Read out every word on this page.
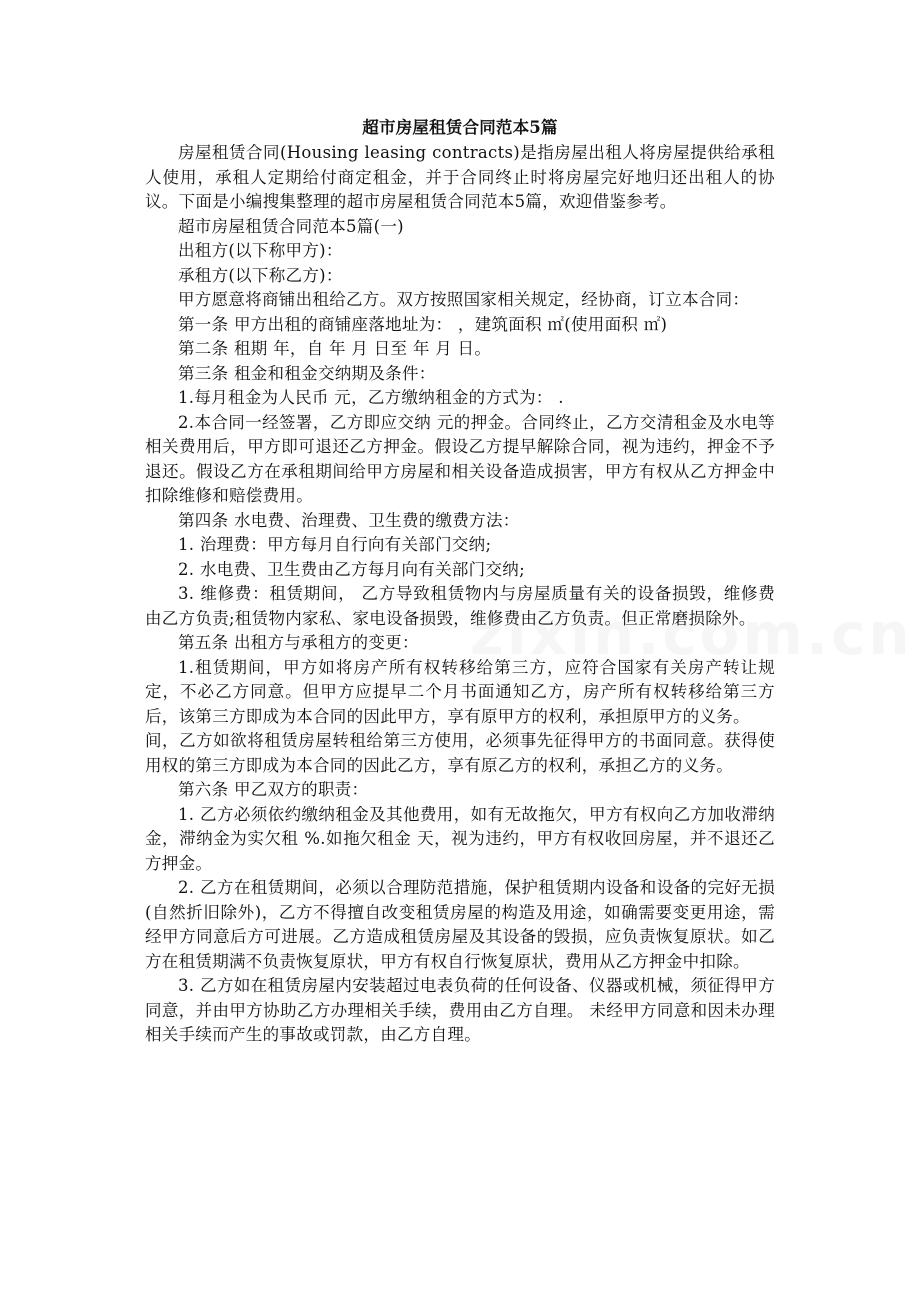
超市房屋租赁合同范本5篇

房屋租赁合同(Housing leasing contracts)是指房屋出租人将房屋提供给承租人使用，承租人定期给付商定租金，并于合同终止时将房屋完好地归还出租人的协议。下面是小编搜集整理的超市房屋租赁合同范本5篇，欢迎借鉴参考。

超市房屋租赁合同范本5篇(一)

出租方(以下称甲方)：

承租方(以下称乙方)：

甲方愿意将商铺出租给乙方。双方按照国家相关规定，经协商，订立本合同：

第一条 甲方出租的商铺座落地址为： ，建筑面积 ㎡(使用面积 ㎡)

第二条 租期 年，自 年 月 日至 年 月 日。

第三条 租金和租金交纳期及条件：

1.每月租金为人民币 元，乙方缴纳租金的方式为： .

2.本合同一经签署，乙方即应交纳 元的押金。合同终止，乙方交清租金及水电等相关费用后，甲方即可退还乙方押金。假设乙方提早解除合同，视为违约，押金不予退还。假设乙方在承租期间给甲方房屋和相关设备造成损害，甲方有权从乙方押金中扣除维修和赔偿费用。

第四条 水电费、治理费、卫生费的缴费方法：

1. 治理费：甲方每月自行向有关部门交纳;

2. 水电费、卫生费由乙方每月向有关部门交纳;

3. 维修费：租赁期间， 乙方导致租赁物内与房屋质量有关的设备损毁，维修费由乙方负责;租赁物内家私、家电设备损毁，维修费由乙方负责。但正常磨损除外。

第五条 出租方与承租方的变更：

1.租赁期间，甲方如将房产所有权转移给第三方，应符合国家有关房产转让规定，不必乙方同意。但甲方应提早二个月书面通知乙方，房产所有权转移给第三方后，该第三方即成为本合同的因此甲方，享有原甲方的权利，承担原甲方的义务。

间，乙方如欲将租赁房屋转租给第三方使用，必须事先征得甲方的书面同意。获得使用权的第三方即成为本合同的因此乙方，享有原乙方的权利，承担乙方的义务。

第六条 甲乙双方的职责：

1. 乙方必须依约缴纳租金及其他费用，如有无故拖欠，甲方有权向乙方加收滞纳金，滞纳金为实欠租 %.如拖欠租金 天，视为违约，甲方有权收回房屋，并不退还乙方押金。

2. 乙方在租赁期间，必须以合理防范措施，保护租赁期内设备和设备的完好无损(自然折旧除外)，乙方不得擅自改变租赁房屋的构造及用途，如确需要变更用途，需经甲方同意后方可进展。乙方造成租赁房屋及其设备的毁损，应负责恢复原状。如乙方在租赁期满不负责恢复原状，甲方有权自行恢复原状，费用从乙方押金中扣除。

3. 乙方如在租赁房屋内安装超过电表负荷的任何设备、仪器或机械，须征得甲方同意，并由甲方协助乙方办理相关手续，费用由乙方自理。 未经甲方同意和因未办理相关手续而产生的事故或罚款，由乙方自理。
